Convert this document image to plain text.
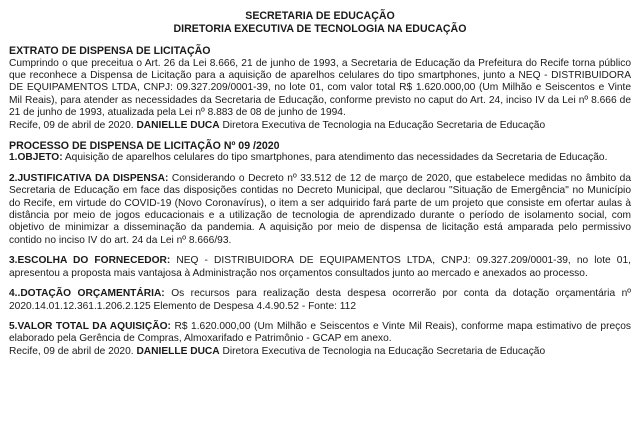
SECRETARIA DE EDUCAÇÃO
DIRETORIA EXECUTIVA DE TECNOLOGIA NA EDUCAÇÃO
EXTRATO DE DISPENSA DE LICITAÇÃO

Cumprindo o que preceitua o Art. 26 da Lei 8.666, 21 de junho de 1993, a Secretaria de Educação da Prefeitura do Recife torna público que reconhece a Dispensa de Licitação para a aquisição de aparelhos celulares do tipo smartphones, junto a NEQ - DISTRIBUIDORA DE EQUIPAMENTOS LTDA, CNPJ: 09.327.209/0001-39, no lote 01, com valor total R$ 1.620.000,00 (Um Milhão e Seiscentos e Vinte Mil Reais), para atender as necessidades da Secretaria de Educação, conforme previsto no caput do Art. 24, inciso IV da Lei nº 8.666 de 21 de junho de 1993, atualizada pela Lei nº 8.883 de 08 de junho de 1994.

Recife, 09 de abril de 2020. DANIELLE DUCA Diretora Executiva de Tecnologia na Educação Secretaria de Educação

PROCESSO DE DISPENSA DE LICITAÇÃO Nº 09 /2020

1.OBJETO: Aquisição de aparelhos celulares do tipo smartphones, para atendimento das necessidades da Secretaria de Educação.

2.JUSTIFICATIVA DA DISPENSA: Considerando o Decreto nº 33.512 de 12 de março de 2020, que estabelece medidas no âmbito da Secretaria de Educação em face das disposições contidas no Decreto Municipal, que declarou "Situação de Emergência" no Município do Recife, em virtude do COVID-19 (Novo Coronavírus), o item a ser adquirido fará parte de um projeto que consiste em ofertar aulas à distância por meio de jogos educacionais e a utilização de tecnologia de aprendizado durante o período de isolamento social, com objetivo de minimizar a disseminação da pandemia. A aquisição por meio de dispensa de licitação está amparada pelo permissivo contido no inciso IV do art. 24 da Lei nº 8.666/93.

3.ESCOLHA DO FORNECEDOR: NEQ - DISTRIBUIDORA DE EQUIPAMENTOS LTDA, CNPJ: 09.327.209/0001-39, no lote 01, apresentou a proposta mais vantajosa à Administração nos orçamentos consultados junto ao mercado e anexados ao processo.

4..DOTAÇÃO ORÇAMENTÁRIA: Os recursos para realização desta despesa ocorrerão por conta da dotação orçamentária nº 2020.14.01.12.361.1.206.2.125 Elemento de Despesa 4.4.90.52 - Fonte: 112

5.VALOR TOTAL DA AQUISIÇÃO: R$ 1.620.000,00 (Um Milhão e Seiscentos e Vinte Mil Reais), conforme mapa estimativo de preços elaborado pela Gerência de Compras, Almoxarifado e Patrimônio - GCAP em anexo.

Recife, 09 de abril de 2020. DANIELLE DUCA Diretora Executiva de Tecnologia na Educação Secretaria de Educação
